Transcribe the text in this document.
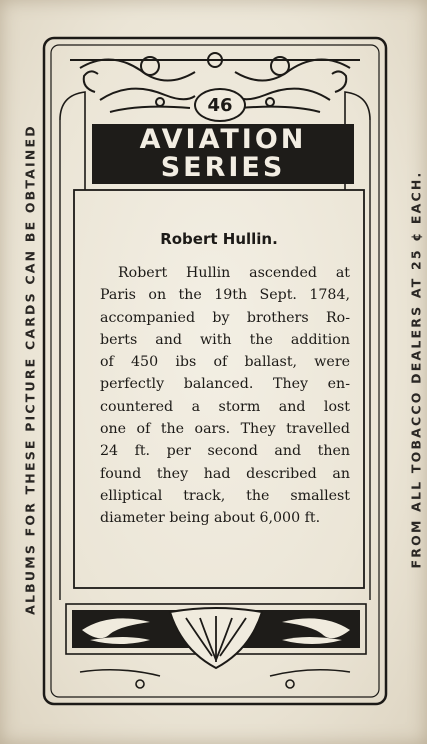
ALBUMS FOR THESE PICTURE CARDS CAN BE OBTAINED	FROM ALL TOBACCO DEALERS AT 25 ¢ EACH.
46
AVIATION
SERIES
Robert Hullin.
Robert Hullin ascended at
Paris on the 19th Sept. 1784,
accompanied by brothers Ro-
berts and with the addition
of 450 ibs of ballast, were
perfectly balanced. They en-
countered a storm and lost
one of the oars. They travelled
24 ft. per second and then
found they had described an
elliptical track, the smallest
diameter being about 6,000 ft.
